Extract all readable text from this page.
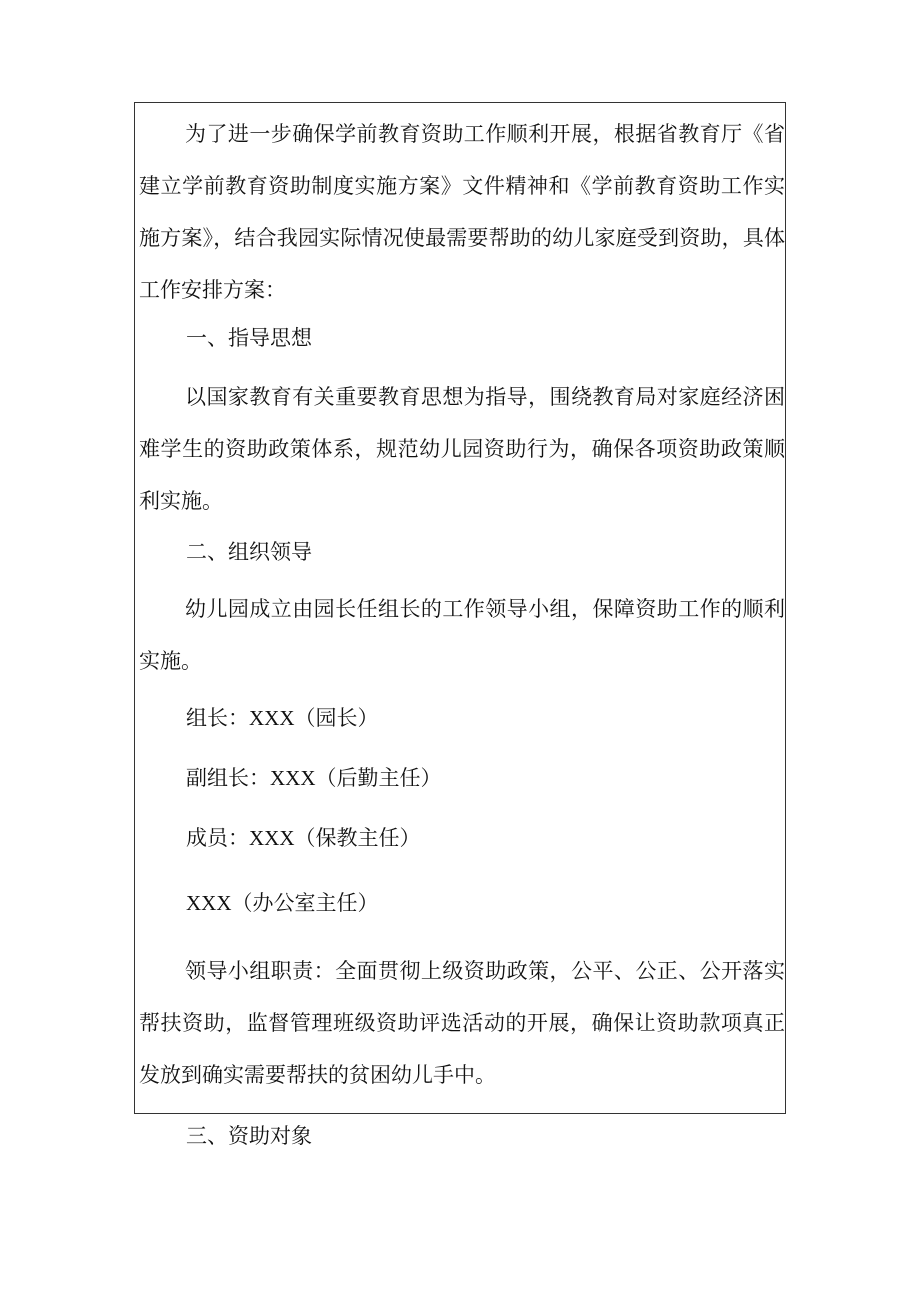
为了进一步确保学前教育资助工作顺利开展，根据省教育厅《省建立学前教育资助制度实施方案》文件精神和《学前教育资助工作实施方案》，结合我园实际情况使最需要帮助的幼儿家庭受到资助，具体工作安排方案：

一、指导思想

以国家教育有关重要教育思想为指导，围绕教育局对家庭经济困难学生的资助政策体系，规范幼儿园资助行为，确保各项资助政策顺利实施。

二、组织领导

幼儿园成立由园长任组长的工作领导小组，保障资助工作的顺利实施。

组长：XXX（园长）

副组长：XXX（后勤主任）

成员：XXX（保教主任）

XXX（办公室主任）

领导小组职责：全面贯彻上级资助政策，公平、公正、公开落实帮扶资助，监督管理班级资助评选活动的开展，确保让资助款项真正发放到确实需要帮扶的贫困幼儿手中。

三、资助对象
